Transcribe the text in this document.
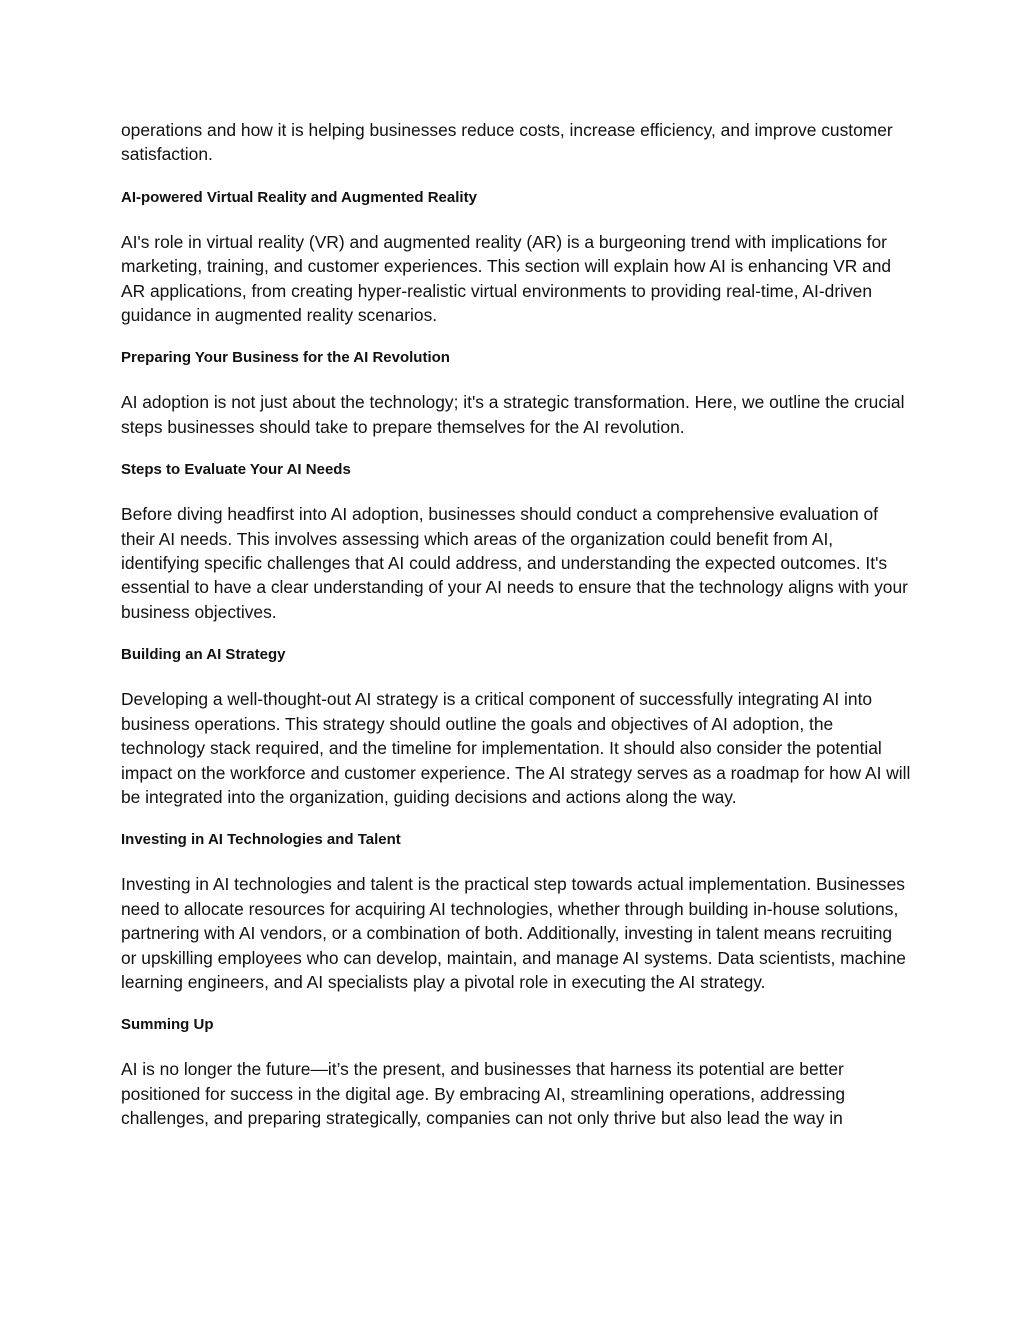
operations and how it is helping businesses reduce costs, increase efficiency, and improve customer satisfaction.

AI-powered Virtual Reality and Augmented Reality

AI's role in virtual reality (VR) and augmented reality (AR) is a burgeoning trend with implications for marketing, training, and customer experiences. This section will explain how AI is enhancing VR and AR applications, from creating hyper-realistic virtual environments to providing real-time, AI-driven guidance in augmented reality scenarios.

Preparing Your Business for the AI Revolution

AI adoption is not just about the technology; it's a strategic transformation. Here, we outline the crucial steps businesses should take to prepare themselves for the AI revolution.

Steps to Evaluate Your AI Needs

Before diving headfirst into AI adoption, businesses should conduct a comprehensive evaluation of their AI needs. This involves assessing which areas of the organization could benefit from AI, identifying specific challenges that AI could address, and understanding the expected outcomes. It's essential to have a clear understanding of your AI needs to ensure that the technology aligns with your business objectives.

Building an AI Strategy

Developing a well-thought-out AI strategy is a critical component of successfully integrating AI into business operations. This strategy should outline the goals and objectives of AI adoption, the technology stack required, and the timeline for implementation. It should also consider the potential impact on the workforce and customer experience. The AI strategy serves as a roadmap for how AI will be integrated into the organization, guiding decisions and actions along the way.

Investing in AI Technologies and Talent

Investing in AI technologies and talent is the practical step towards actual implementation. Businesses need to allocate resources for acquiring AI technologies, whether through building in-house solutions, partnering with AI vendors, or a combination of both. Additionally, investing in talent means recruiting or upskilling employees who can develop, maintain, and manage AI systems. Data scientists, machine learning engineers, and AI specialists play a pivotal role in executing the AI strategy.

Summing Up

AI is no longer the future—it’s the present, and businesses that harness its potential are better positioned for success in the digital age. By embracing AI, streamlining operations, addressing challenges, and preparing strategically, companies can not only thrive but also lead the way in
